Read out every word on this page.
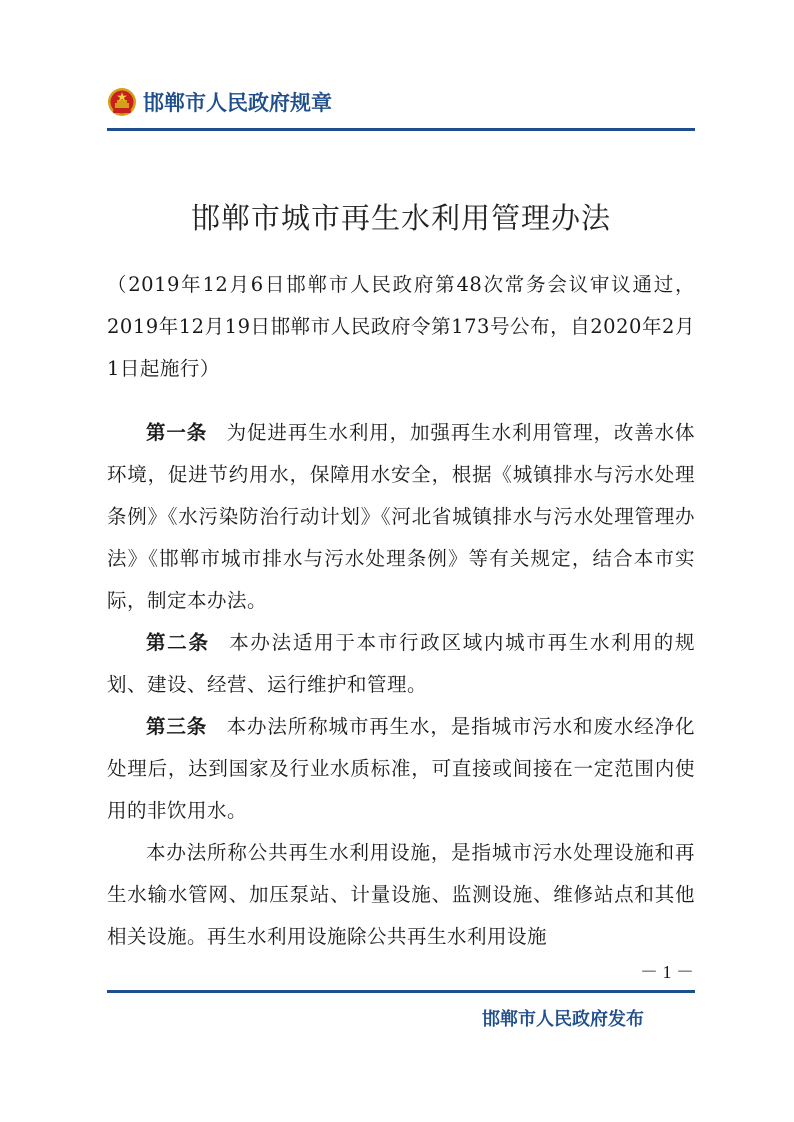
邯郸市人民政府规章
邯郸市城市再生水利用管理办法

（2019年12月6日邯郸市人民政府第48次常务会议审议通过，2019年12月19日邯郸市人民政府令第173号公布，自2020年2月1日起施行）

第一条 为促进再生水利用，加强再生水利用管理，改善水体环境，促进节约用水，保障用水安全，根据《城镇排水与污水处理条例》《水污染防治行动计划》《河北省城镇排水与污水处理管理办法》《邯郸市城市排水与污水处理条例》等有关规定，结合本市实际，制定本办法。

第二条 本办法适用于本市行政区域内城市再生水利用的规划、建设、经营、运行维护和管理。

第三条 本办法所称城市再生水，是指城市污水和废水经净化处理后，达到国家及行业水质标准，可直接或间接在一定范围内使用的非饮用水。

本办法所称公共再生水利用设施，是指城市污水处理设施和再生水输水管网、加压泵站、计量设施、监测设施、维修站点和其他相关设施。再生水利用设施除公共再生水利用设施

－ 1 －
邯郸市人民政府发布
